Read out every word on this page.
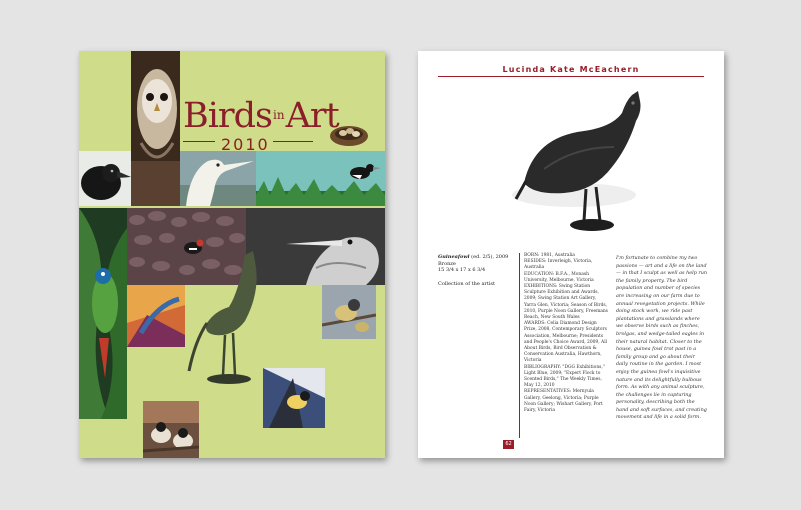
Birds$^{in}$Art
2010
Lucinda Kate McEachern
Guineafowl (ed. 2/5), 2009
Bronze
15 3/4 x 17 x 6 3/4
Collection of the artist
BORN: 1981, Australia
RESIDES: Inverleigh, Victoria, Australia
EDUCATION: B.F.A., Monash University, Melbourne, Victoria
EXHIBITIONS: Swing Station Sculpture Exhibition and Awards, 2009; Swing Station Art Gallery, Yarra Glen, Victoria; Season of Birds, 2010, Purple Noon Gallery, Freemans Reach, New South Wales
AWARDS: Celia Diamond Design Prize, 2008, Contemporary Sculptors Association, Melbourne; Presidents and People's Choice Award, 2009, All About Birds, Bird Observation & Conservation Australia, Hawthorn, Victoria
BIBLIOGRAPHY: "DGG Exhibitions," Light Blue, 2009; "Expert Flock to Scented Birds," The Weekly Times, May 12, 2010
REPRESENTATIVES: Mernyula Gallery, Geelong, Victoria; Purple Noon Gallery; Wishart Gallery, Port Fairy, Victoria
I'm fortunate to combine my two passions — art and a life on the land — in that I sculpt as well as help run the family property. The bird population and number of species are increasing on our farm due to annual revegetation projects. While doing stock work, we ride past plantations and grasslands where we observe birds such as finches, brolgas, and wedge-tailed eagles in their natural habitat. Closer to the house, guinea fowl trot past in a family group and go about their daily routine in the garden. I most enjoy the guinea fowl's inquisitive nature and its delightfully bulbous form. As with any animal sculpture, the challenges lie in capturing personality, describing both the hand and soft surfaces, and creating movement and life in a solid form.
62
